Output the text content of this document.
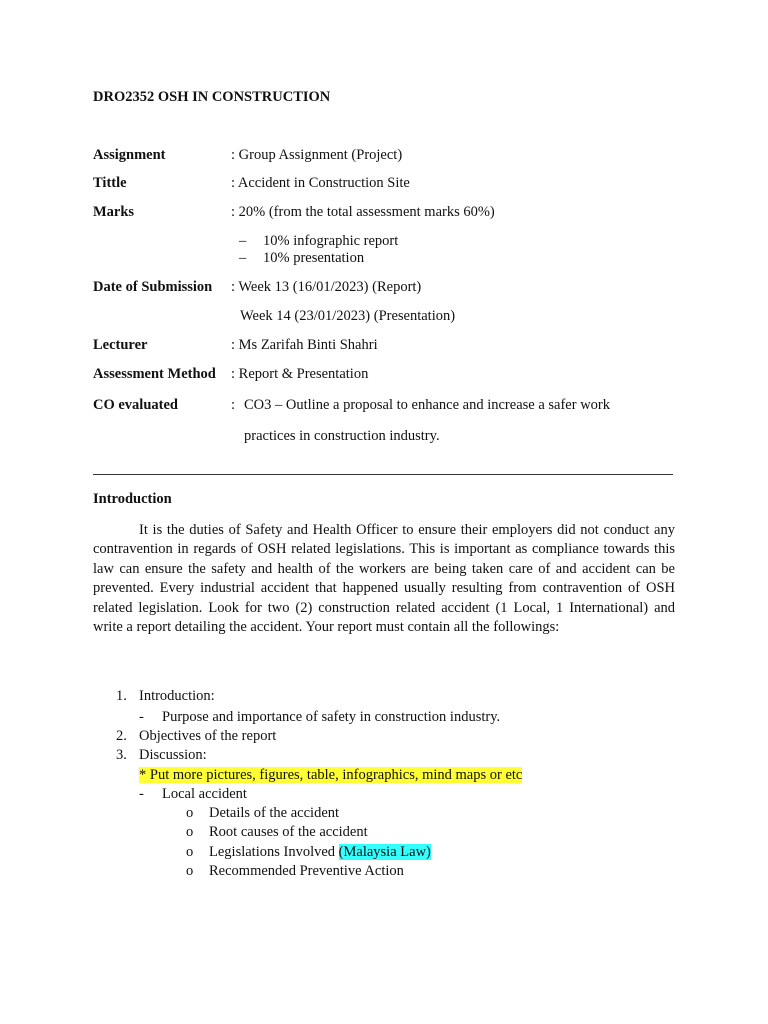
DRO2352 OSH IN CONSTRUCTION
Assignment	: Group Assignment (Project)
Tittle	: Accident in Construction Site
Marks	: 20% (from the total assessment marks 60%)
– 10% infographic report
– 10% presentation
Date of Submission : Week 13 (16/01/2023) (Report)
Week 14 (23/01/2023) (Presentation)
Lecturer	: Ms Zarifah Binti Shahri
Assessment Method : Report & Presentation
CO evaluated	: CO3 – Outline a proposal to enhance and increase a safer work
practices in construction industry.
Introduction
It is the duties of Safety and Health Officer to ensure their employers did not conduct any contravention in regards of OSH related legislations. This is important as compliance towards this law can ensure the safety and health of the workers are being taken care of and accident can be prevented. Every industrial accident that happened usually resulting from contravention of OSH related legislation. Look for two (2) construction related accident (1 Local, 1 International) and write a report detailing the accident. Your report must contain all the followings:
1. Introduction:
- Purpose and importance of safety in construction industry.
2. Objectives of the report
3. Discussion:
* Put more pictures, figures, table, infographics, mind maps or etc
- Local accident
o Details of the accident
o Root causes of the accident
o Legislations Involved (Malaysia Law)
o Recommended Preventive Action
